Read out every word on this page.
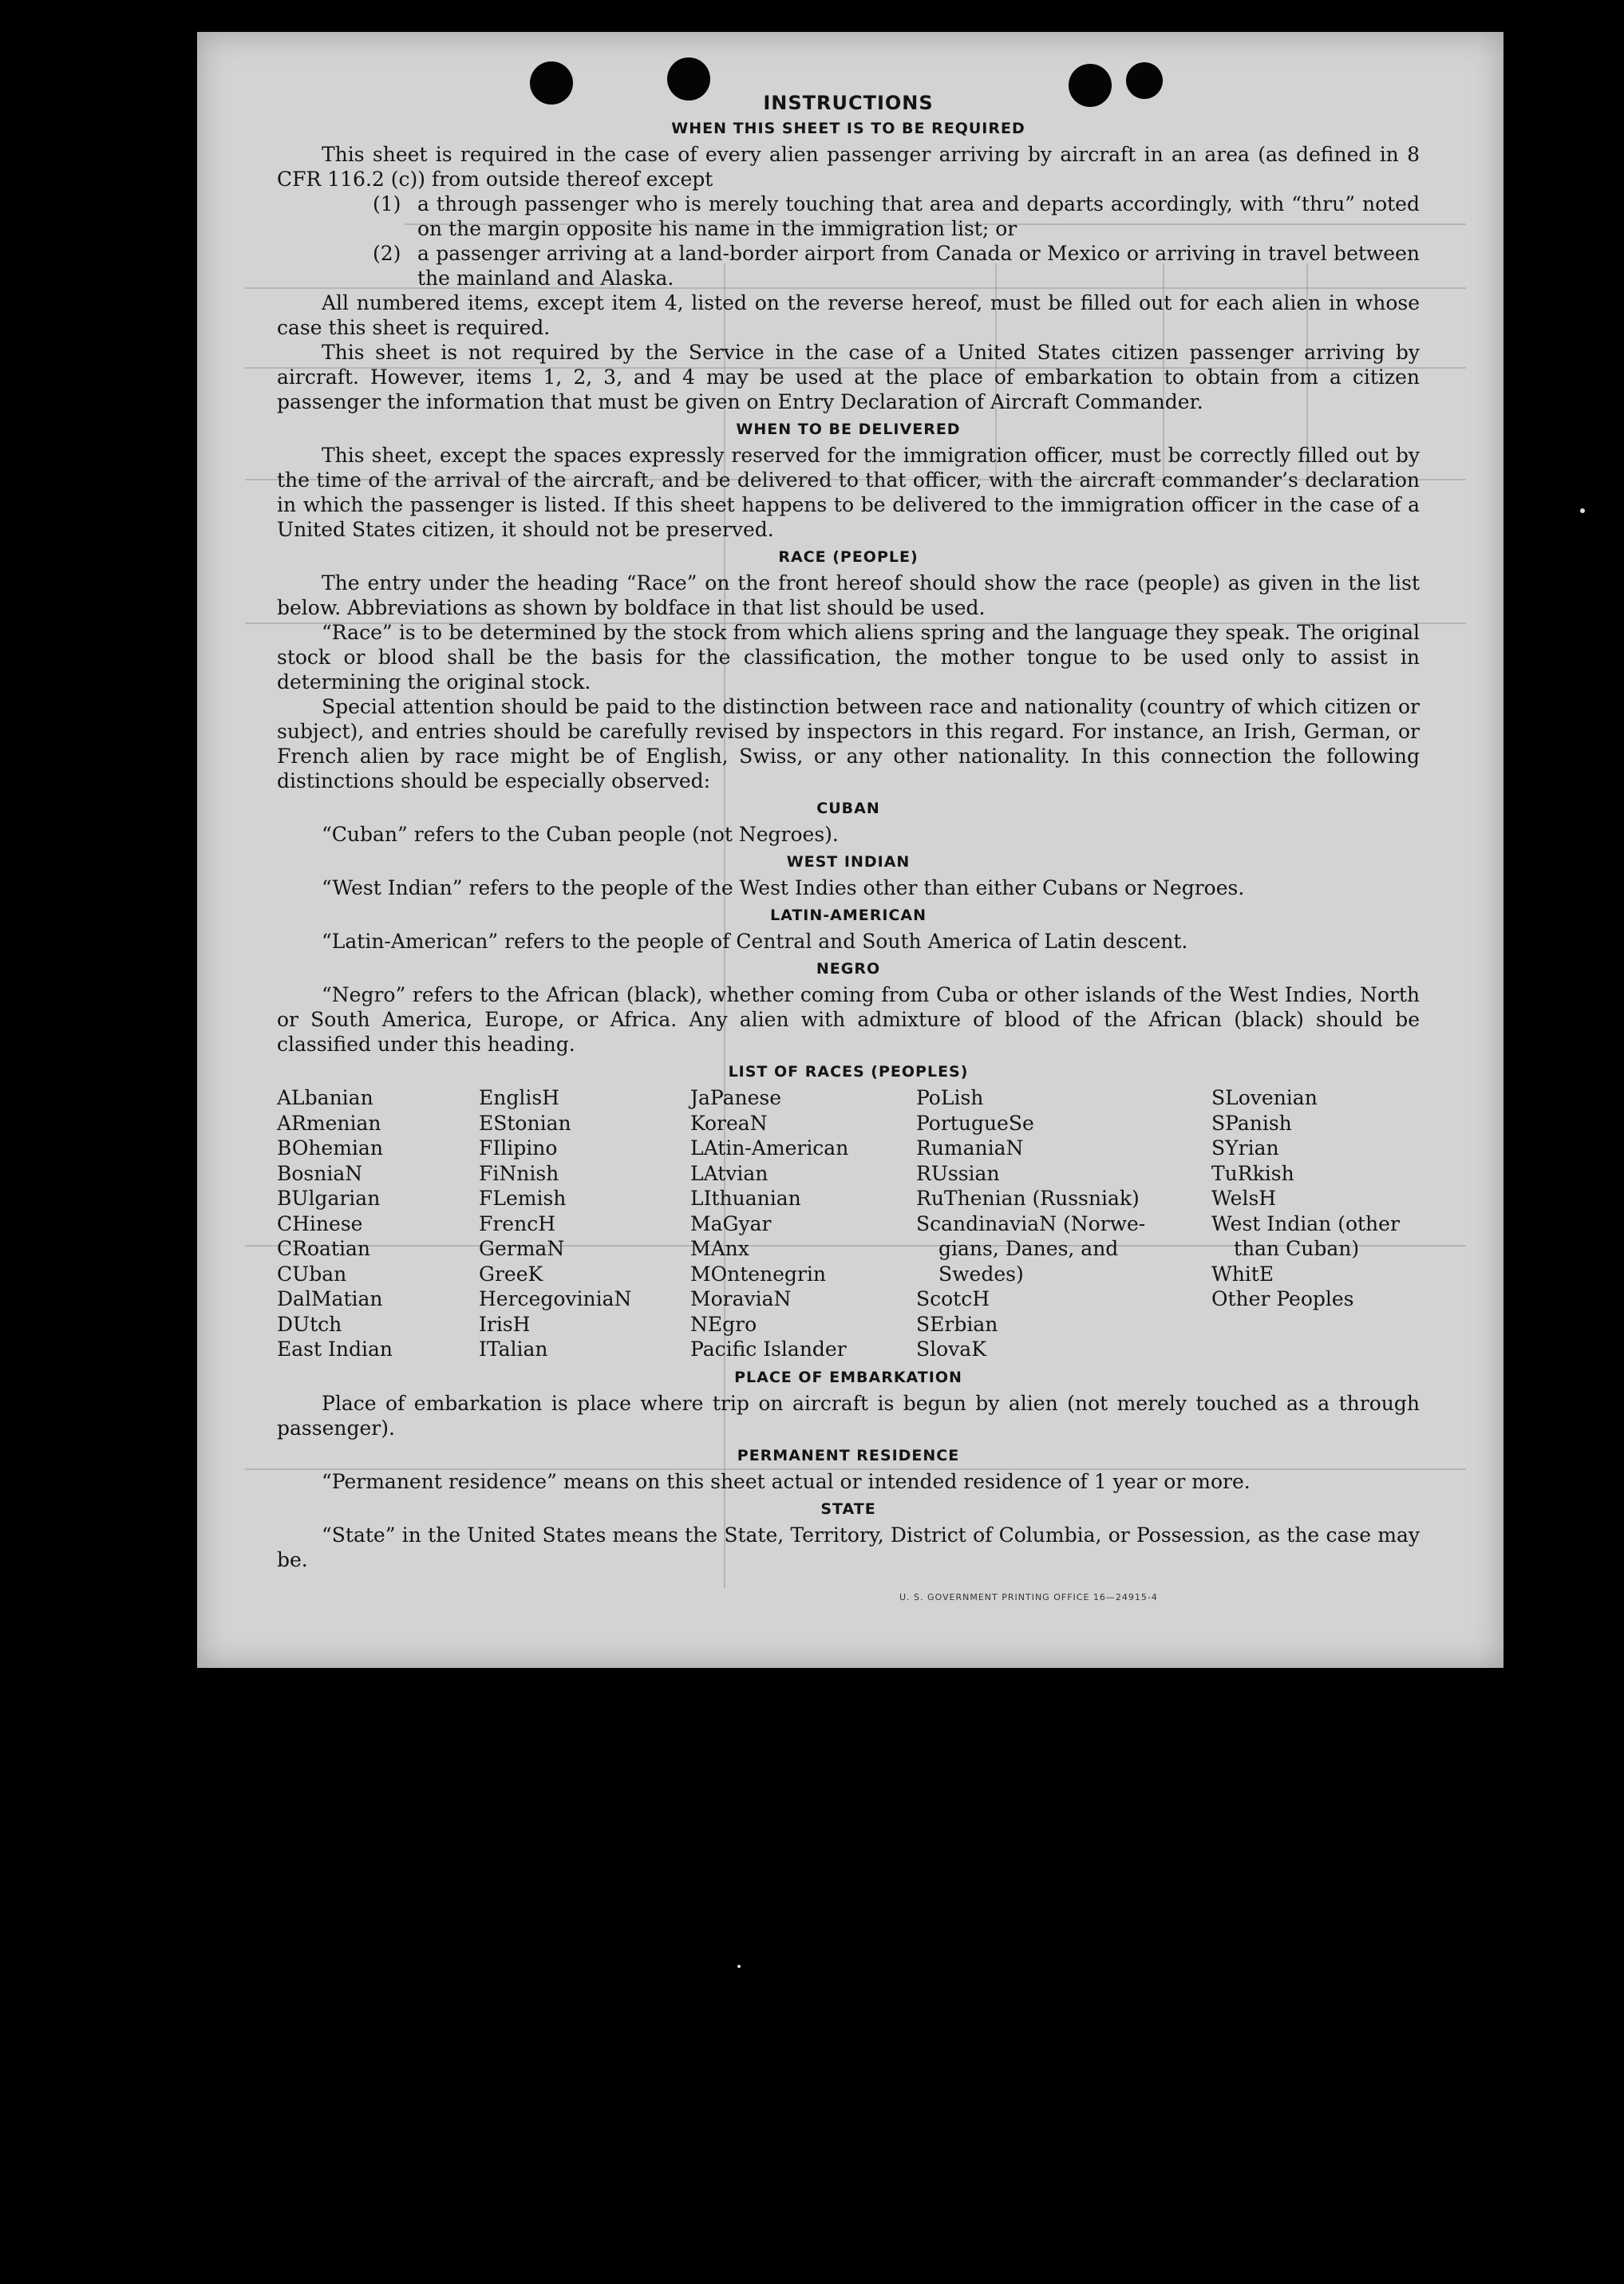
INSTRUCTIONS
WHEN THIS SHEET IS TO BE REQUIRED

This sheet is required in the case of every alien passenger arriving by aircraft in an area (as defined in 8 CFR 116.2 (c)) from outside thereof except

(1) a through passenger who is merely touching that area and departs accordingly, with “thru” noted on the margin opposite his name in the immigration list; or

(2) a passenger arriving at a land-border airport from Canada or Mexico or arriving in travel between the mainland and Alaska.

All numbered items, except item 4, listed on the reverse hereof, must be filled out for each alien in whose case this sheet is required.

This sheet is not required by the Service in the case of a United States citizen passenger arriving by aircraft. However, items 1, 2, 3, and 4 may be used at the place of embarkation to obtain from a citizen passenger the information that must be given on Entry Declaration of Aircraft Commander.

WHEN TO BE DELIVERED

This sheet, except the spaces expressly reserved for the immigration officer, must be correctly filled out by the time of the arrival of the aircraft, and be delivered to that officer, with the aircraft commander’s declaration in which the passenger is listed. If this sheet happens to be delivered to the immigration officer in the case of a United States citizen, it should not be preserved.

RACE (PEOPLE)

The entry under the heading “Race” on the front hereof should show the race (people) as given in the list below. Abbreviations as shown by boldface in that list should be used.

“Race” is to be determined by the stock from which aliens spring and the language they speak. The original stock or blood shall be the basis for the classification, the mother tongue to be used only to assist in determining the original stock.

Special attention should be paid to the distinction between race and nationality (country of which citizen or subject), and entries should be carefully revised by inspectors in this regard. For instance, an Irish, German, or French alien by race might be of English, Swiss, or any other nationality. In this connection the following distinctions should be especially observed:

CUBAN

“Cuban” refers to the Cuban people (not Negroes).

WEST INDIAN

“West Indian” refers to the people of the West Indies other than either Cubans or Negroes.

LATIN-AMERICAN

“Latin-American” refers to the people of Central and South America of Latin descent.

NEGRO

“Negro” refers to the African (black), whether coming from Cuba or other islands of the West Indies, North or South America, Europe, or Africa. Any alien with admixture of blood of the African (black) should be classified under this heading.

LIST OF RACES (PEOPLES)
ALbanian
ARmenian
BOhemian
BosniaN
BUlgarian
CHinese
CRoatian
CUban
DalMatian
DUtch
East Indian
EnglisH
EStonian
FIlipino
FiNnish
FLemish
FrencH
GermaN
GreeK
HercegoviniaN
IrisH
ITalian
JaPanese
KoreaN
LAtin-American
LAtvian
LIthuanian
MaGyar
MAnx
MOntenegrin
MoraviaN
NEgro
Pacific Islander
PoLish
PortugueSe
RumaniaN
RUssian
RuThenian (Russniak)
ScandinaviaN (Norwe-
gians, Danes, and
Swedes)
ScotcH
SErbian
SlovaK
SLovenian
SPanish
SYrian
TuRkish
WelsH
West Indian (other
than Cuban)
WhitE
Other Peoples
PLACE OF EMBARKATION

Place of embarkation is place where trip on aircraft is begun by alien (not merely touched as a through passenger).

PERMANENT RESIDENCE

“Permanent residence” means on this sheet actual or intended residence of 1 year or more.

STATE

“State” in the United States means the State, Territory, District of Columbia, or Possession, as the case may be.

U. S. GOVERNMENT PRINTING OFFICE 16—24915-4
